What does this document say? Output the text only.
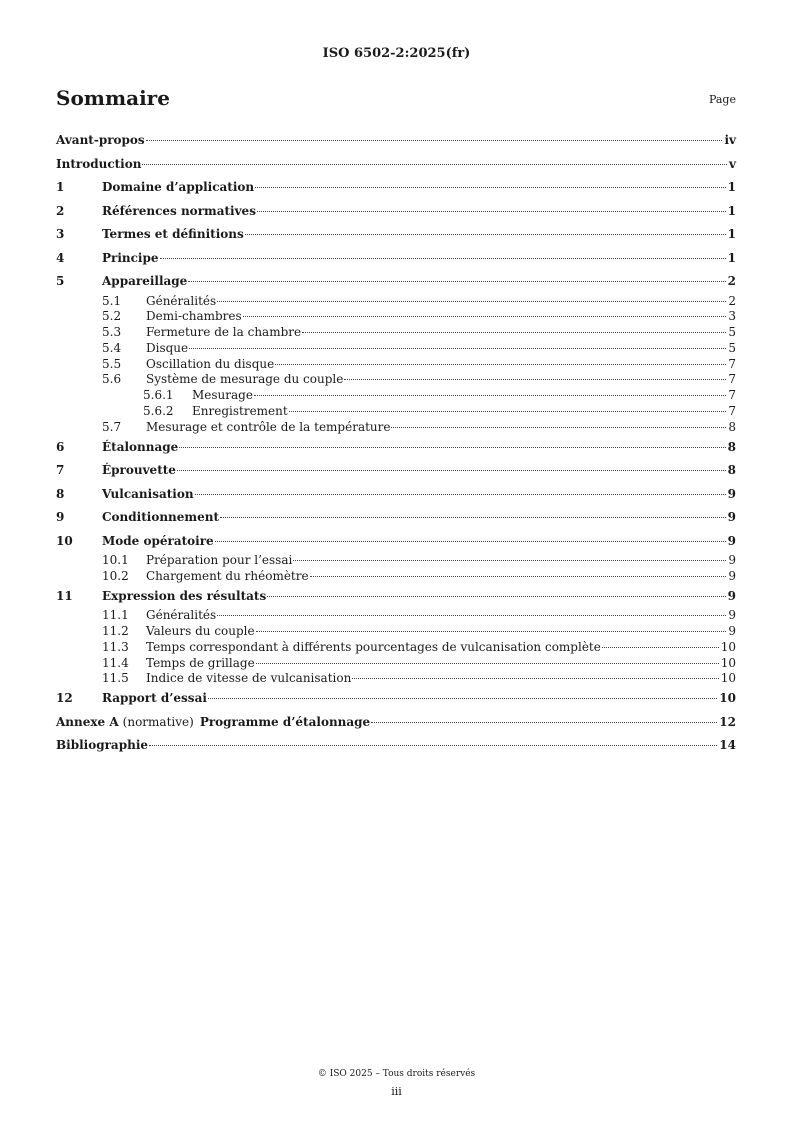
ISO 6502-2:2025(fr)
Sommaire	Page
Avant-propos	iv
Introduction	v
1	Domaine d’application	1
2	Références normatives	1
3	Termes et définitions	1
4	Principe	1
5	Appareillage	2
5.1	Généralités	2
5.2	Demi-chambres	3
5.3	Fermeture de la chambre	5
5.4	Disque	5
5.5	Oscillation du disque	7
5.6	Système de mesurage du couple	7
5.6.1	Mesurage	7
5.6.2	Enregistrement	7
5.7	Mesurage et contrôle de la température	8
6	Étalonnage	8
7	Éprouvette	8
8	Vulcanisation	9
9	Conditionnement	9
10	Mode opératoire	9
10.1	Préparation pour l’essai	9
10.2	Chargement du rhéomètre	9
11	Expression des résultats	9
11.1	Généralités	9
11.2	Valeurs du couple	9
11.3	Temps correspondant à différents pourcentages de vulcanisation complète	10
11.4	Temps de grillage	10
11.5	Indice de vitesse de vulcanisation	10
12	Rapport d’essai	10
Annexe A (normative) Programme d’étalonnage	12
Bibliographie	14
© ISO 2025 – Tous droits réservés
iii
